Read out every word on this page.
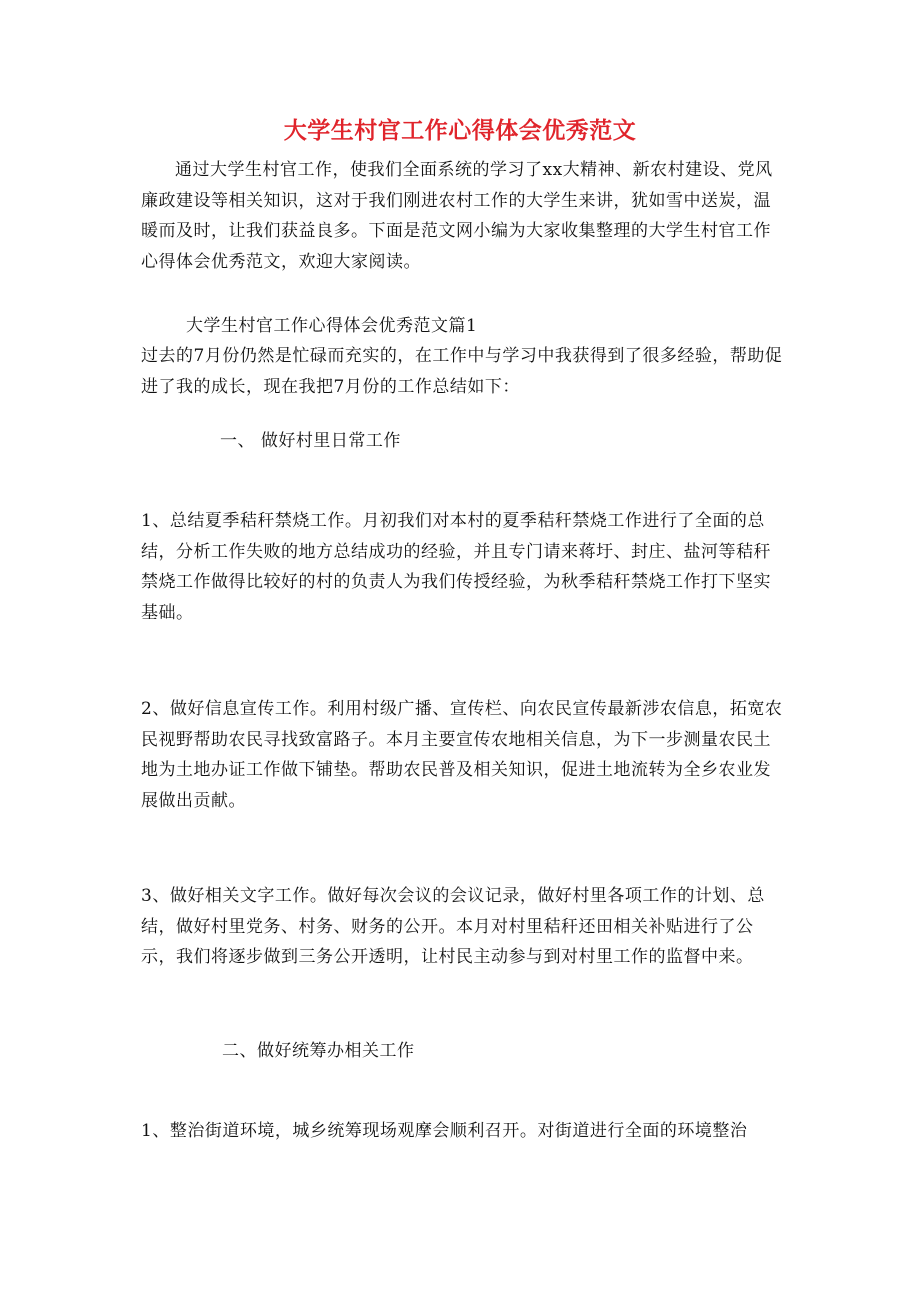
大学生村官工作心得体会优秀范文

通过大学生村官工作，使我们全面系统的学习了xx大精神、新农村建设、党风廉政建设等相关知识，这对于我们刚进农村工作的大学生来讲，犹如雪中送炭，温暖而及时，让我们获益良多。下面是范文网小编为大家收集整理的大学生村官工作心得体会优秀范文，欢迎大家阅读。

大学生村官工作心得体会优秀范文篇1

过去的7月份仍然是忙碌而充实的，在工作中与学习中我获得到了很多经验，帮助促进了我的成长，现在我把7月份的工作总结如下：

一、 做好村里日常工作

1、总结夏季秸秆禁烧工作。月初我们对本村的夏季秸秆禁烧工作进行了全面的总结，分析工作失败的地方总结成功的经验，并且专门请来蒋圩、封庄、盐河等秸秆禁烧工作做得比较好的村的负责人为我们传授经验，为秋季秸秆禁烧工作打下坚实基础。

2、做好信息宣传工作。利用村级广播、宣传栏、向农民宣传最新涉农信息，拓宽农民视野帮助农民寻找致富路子。本月主要宣传农地相关信息，为下一步测量农民土地为土地办证工作做下铺垫。帮助农民普及相关知识，促进土地流转为全乡农业发展做出贡献。

3、做好相关文字工作。做好每次会议的会议记录，做好村里各项工作的计划、总结，做好村里党务、村务、财务的公开。本月对村里秸秆还田相关补贴进行了公示，我们将逐步做到三务公开透明，让村民主动参与到对村里工作的监督中来。

二、做好统筹办相关工作

1、整治街道环境，城乡统筹现场观摩会顺利召开。对街道进行全面的环境整治
